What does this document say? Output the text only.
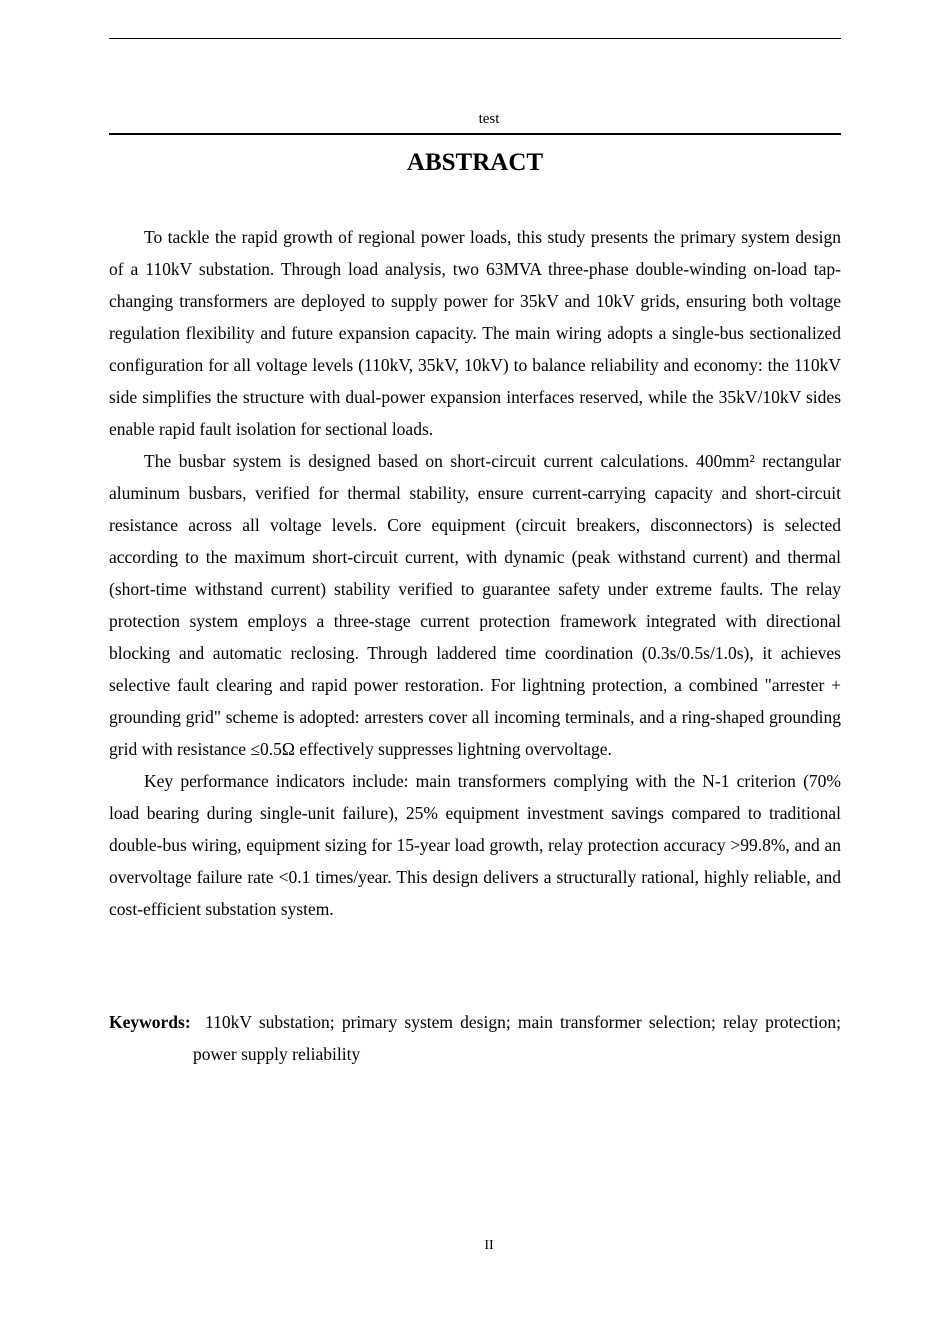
test
ABSTRACT

To tackle the rapid growth of regional power loads, this study presents the primary system design of a 110kV substation. Through load analysis, two 63MVA three-phase double-winding on-load tap-changing transformers are deployed to supply power for 35kV and 10kV grids, ensuring both voltage regulation flexibility and future expansion capacity. The main wiring adopts a single-bus sectionalized configuration for all voltage levels (110kV, 35kV, 10kV) to balance reliability and economy: the 110kV side simplifies the structure with dual-power expansion interfaces reserved, while the 35kV/10kV sides enable rapid fault isolation for sectional loads.

The busbar system is designed based on short-circuit current calculations. 400mm² rectangular aluminum busbars, verified for thermal stability, ensure current-carrying capacity and short-circuit resistance across all voltage levels. Core equipment (circuit breakers, disconnectors) is selected according to the maximum short-circuit current, with dynamic (peak withstand current) and thermal (short-time withstand current) stability verified to guarantee safety under extreme faults. The relay protection system employs a three-stage current protection framework integrated with directional blocking and automatic reclosing. Through laddered time coordination (0.3s/0.5s/1.0s), it achieves selective fault clearing and rapid power restoration. For lightning protection, a combined "arrester + grounding grid" scheme is adopted: arresters cover all incoming terminals, and a ring-shaped grounding grid with resistance ≤0.5Ω effectively suppresses lightning overvoltage.

Key performance indicators include: main transformers complying with the N-1 criterion (70% load bearing during single-unit failure), 25% equipment investment savings compared to traditional double-bus wiring, equipment sizing for 15-year load growth, relay protection accuracy >99.8%, and an overvoltage failure rate <0.1 times/year. This design delivers a structurally rational, highly reliable, and cost-efficient substation system.

Keywords: 110kV substation; primary system design; main transformer selection; relay protection; power supply reliability

II
